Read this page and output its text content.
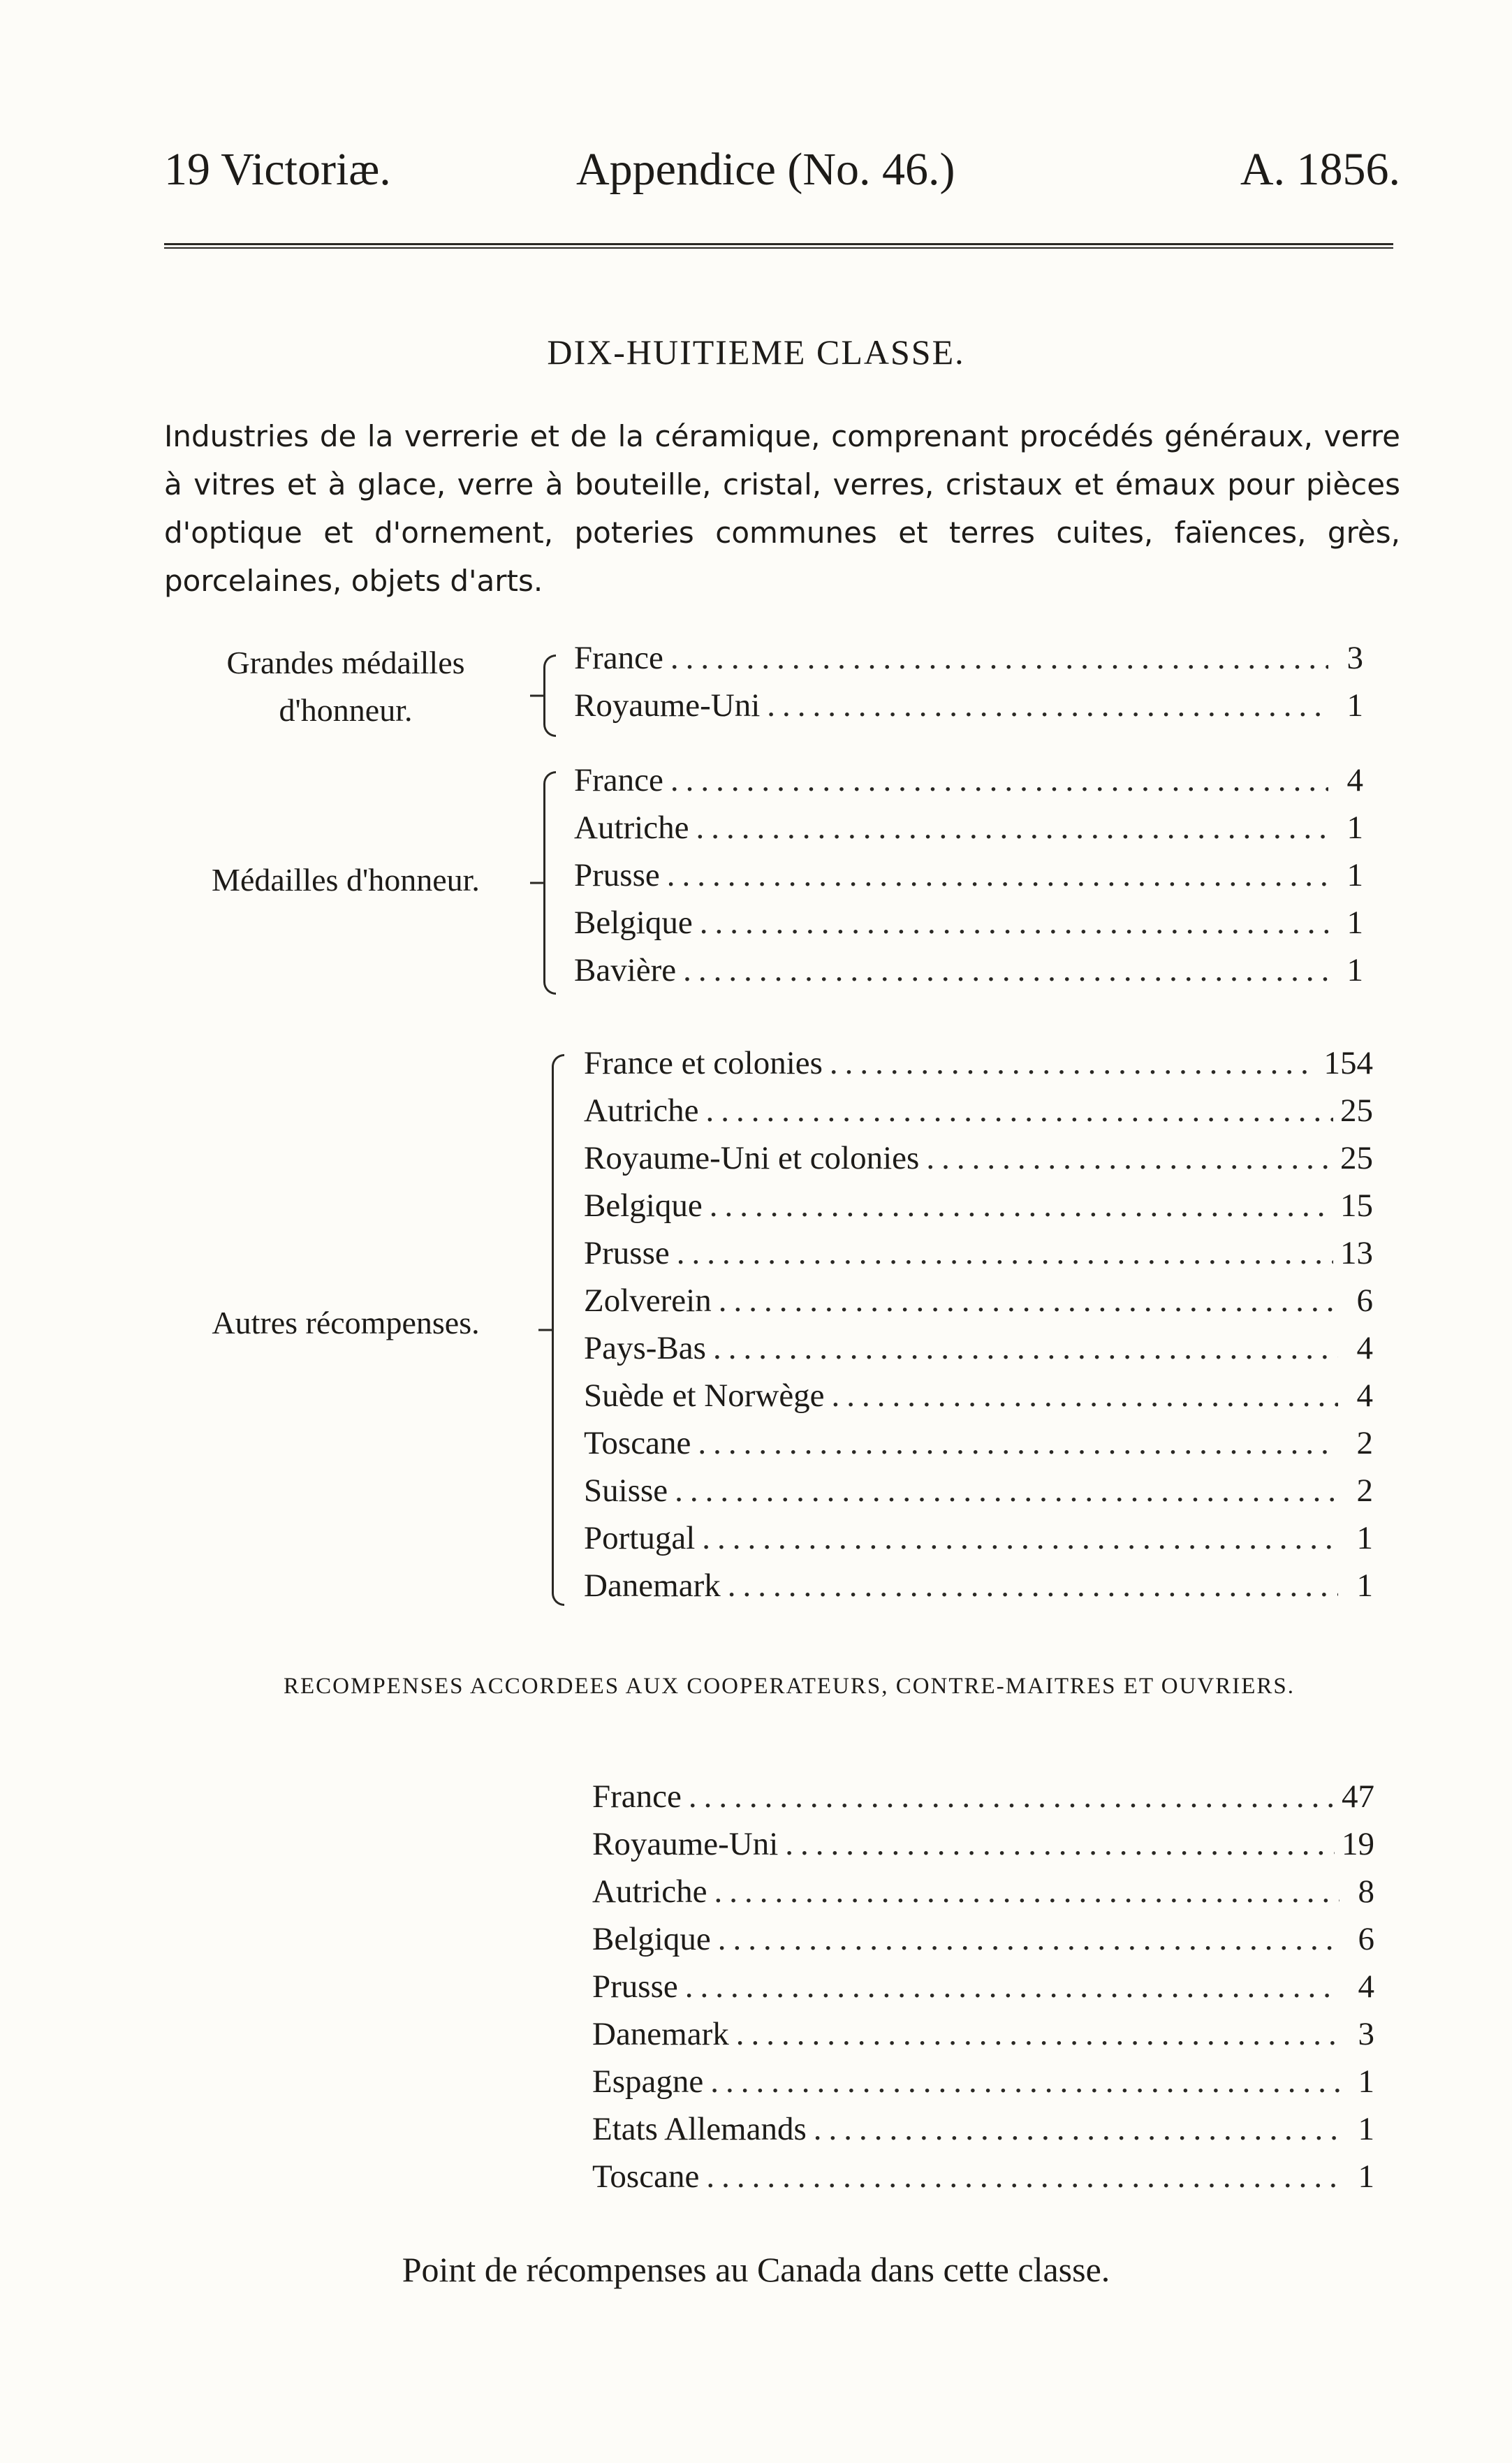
19 Victoriæ.	Appendice (No. 46.)	A. 1856.
DIX-HUITIEME CLASSE.
Industries de la verrerie et de la céramique, comprenant procédés généraux, verre à vitres et à glace, verre à bouteille, cristal, verres, cristaux et émaux pour pièces d'optique et d'ornement, poteries communes et terres cuites, faïences, grès, porcelaines, objets d'arts.
Grandes médailles
d'honneur.
France .....	3
Royaume-Uni .....	1
Médailles d'honneur.
France .....	4
Autriche .....	1
Prusse .....	1
Belgique .....	1
Bavière .....	1
Autres récompenses.
France et colonies .....	154
Autriche .....	25
Royaume-Uni et colonies .....	25
Belgique .....	15
Prusse .....	13
Zolverein .....	6
Pays-Bas .....	4
Suède et Norwège .....	4
Toscane .....	2
Suisse .....	2
Portugal .....	1
Danemark .....	1
RECOMPENSES ACCORDEES AUX COOPERATEURS, CONTRE-MAITRES ET OUVRIERS.
France .....	47
Royaume-Uni .....	19
Autriche .....	8
Belgique .....	6
Prusse .....	4
Danemark .....	3
Espagne .....	1
Etats Allemands .....	1
Toscane .....	1
Point de récompenses au Canada dans cette classe.
